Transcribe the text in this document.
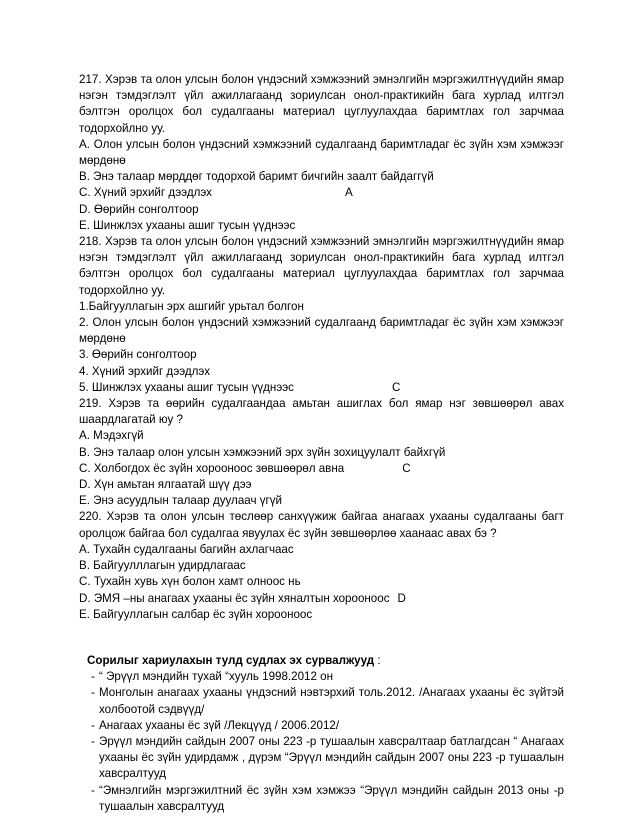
217. Хэрэв та олон улсын болон үндэсний хэмжээний эмнэлгийн мэргэжилтнүүдийн ямар нэгэн тэмдэглэлт үйл ажиллагаанд зориулсан онол-практикийн бага хурлад илтгэл бэлтгэн оролцох бол судалгааны материал цуглуулахдаа баримтлах гол зарчмаа тодорхойлно уу.

А. Олон улсын болон үндэсний хэмжээний судалгаанд баримтладаг ёс зүйн хэм хэмжээг мөрдөнө

В. Энэ талаар мөрддөг тодорхой баримт бичгийн заалт байдаггүй

С. Хүний эрхийг дээдлэх	А

D. Өөрийн сонголтоор

Е. Шинжлэх ухааны ашиг тусын үүднээс

218. Хэрэв та олон улсын болон үндэсний хэмжээний эмнэлгийн мэргэжилтнүүдийн ямар нэгэн тэмдэглэлт үйл ажиллагаанд зориулсан онол-практикийн бага хурлад илтгэл бэлтгэн оролцох бол судалгааны материал цуглуулахдаа баримтлах гол зарчмаа тодорхойлно уу.

1.Байгууллагын эрх ашгийг урьтал болгон

2. Олон улсын болон үндэсний хэмжээний судалгаанд баримтладаг ёс зүйн хэм хэмжээг мөрдөнө

3. Өөрийн сонголтоор

4. Хүний эрхийг дээдлэх

5. Шинжлэх ухааны ашиг тусын үүднээс	С

219. Хэрэв та өөрийн судалгаандаа амьтан ашиглах бол ямар нэг зөвшөөрөл авах шаардлагатай юу ?

А. Мэдэхгүй

В. Энэ талаар олон улсын хэмжээний эрх зүйн зохицуулалт байхгүй

С. Холбогдох ёс зүйн хорооноос зөвшөөрөл авна	С

D. Хүн амьтан ялгаатай шүү дээ

Е. Энэ асуудлын талаар дуулаач үгүй

220. Хэрэв та олон улсын төслөөр санхүүжиж байгаа анагаах ухааны судалгааны багт оролцож байгаа бол судалгаа явуулах ёс зүйн зөвшөөрлөө хаанаас авах бэ ?

А. Тухайн судалгааны багийн ахлагчаас

В. Байгуулллагын удирдлагаас

С. Тухайн хувь хүн болон хамт олноос нь

D. ЭМЯ –ны анагаах ухааны ёс зүйн хяналтын хорооноос D

Е. Байгууллагын салбар ёс зүйн хорооноос

Сорилыг хариулахын тулд судлах эх сурвалжууд :

- “ Эрүүл мэндийн тухай “хууль 1998.2012 он

- Монголын анагаах ухааны үндэсний нэвтэрхий толь.2012. /Анагаах ухааны ёс зүйтэй холбоотой сэдвүүд/

- Анагаах ухааны ёс зүй /Лекцүүд / 2006.2012/

- Эрүүл мэндийн сайдын 2007 оны 223 -р тушаалын хавсралтаар батлагдсан “ Анагаах ухааны ёс зүйн удирдамж , дүрэм “Эрүүл мэндийн сайдын 2007 оны 223 -р тушаалын хавсралтууд

- “Эмнэлгийн мэргэжилтний ёс зүйн хэм хэмжээ “Эрүүл мэндийн сайдын 2013 оны -р тушаалын хавсралтууд
